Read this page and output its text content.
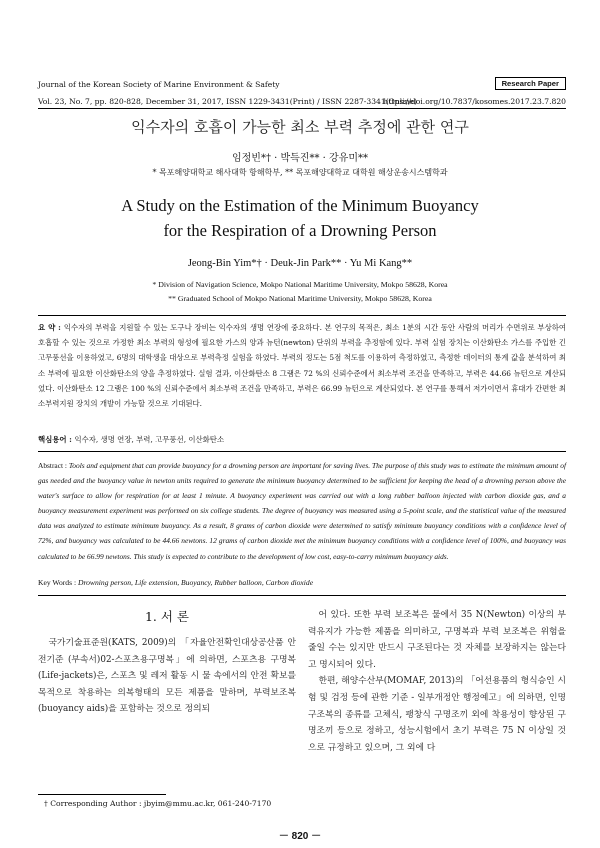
Journal of the Korean Society of Marine Environment & Safety	Research Paper
Vol. 23, No. 7, pp. 820-828, December 31, 2017, ISSN 1229-3431(Print) / ISSN 2287-3341(Online)
https://doi.org/10.7837/kosomes.2017.23.7.820
익수자의 호흡이 가능한 최소 부력 추정에 관한 연구
임정빈*† · 박득진** · 강유미**
* 목포해양대학교 해사대학 항해학부, ** 목포해양대학교 대학원 해상운송시스템학과
A Study on the Estimation of the Minimum Buoyancy
for the Respiration of a Drowning Person
Jeong-Bin Yim*† · Deuk-Jin Park** · Yu Mi Kang**
* Division of Navigation Science, Mokpo National Maritime University, Mokpo 58628, Korea
** Graduated School of Mokpo National Maritime University, Mokpo 58628, Korea
요 약 : 익수자의 부력을 지원할 수 있는 도구나 장비는 익수자의 생명 연장에 중요하다. 본 연구의 목적은, 최소 1분의 시간 동안 사람의 머리가 수면위로 부상하여 호흡할 수 있는 것으로 가정한 최소 부력의 형성에 필요한 가스의 양과 뉴턴(newton) 단위의 부력을 추정함에 있다. 부력 실험 장치는 이산화탄소 가스를 주입한 긴 고무풍선을 이용하였고, 6명의 대학생을 대상으로 부력측정 실험을 하였다. 부력의 정도는 5점 척도를 이용하여 측정하였고, 측정한 데이터의 통계 값을 분석하여 최소 부력에 필요한 이산화탄소의 양을 추정하였다. 실험 결과, 이산화탄소 8 그램은 72 %의 신뢰수준에서 최소부력 조건을 만족하고, 부력은 44.66 뉴턴으로 계산되었다. 이산화탄소 12 그램은 100 %의 신뢰수준에서 최소부력 조건을 만족하고, 부력은 66.99 뉴턴으로 계산되었다. 본 연구를 통해서 저가이면서 휴대가 간편한 최소부력지원 장치의 개발이 가능할 것으로 기대된다.
핵심용어 : 익수자, 생명 연장, 부력, 고무풍선, 이산화탄소
Abstract : Tools and equipment that can provide buoyancy for a drowning person are important for saving lives. The purpose of this study was to estimate the minimum amount of gas needed and the buoyancy value in newton units required to generate the minimum buoyancy determined to be sufficient for keeping the head of a drowning person above the water's surface to allow for respiration for at least 1 minute. A buoyancy experiment was carried out with a long rubber balloon injected with carbon dioxide gas, and a buoyancy measurement experiment was performed on six college students. The degree of buoyancy was measured using a 5-point scale, and the statistical value of the measured data was analyzed to estimate minimum buoyancy. As a result, 8 grams of carbon dioxide were determined to satisfy minimum buoyancy conditions with a confidence level of 72%, and buoyancy was calculated to be 44.66 newtons. 12 grams of carbon dioxide met the minimum buoyancy conditions with a confidence level of 100%, and buoyancy was calculated to be 66.99 newtons. This study is expected to contribute to the development of low cost, easy-to-carry minimum buoyancy aids.
Key Words : Drowning person, Life extension, Buoyancy, Rubber balloon, Carbon dioxide
1. 서 론

국가기술표준원(KATS, 2009)의 「자율안전확인대상공산품 안전기준 (부속서)02-스포츠용구명복」에 의하면, 스포츠용 구명복(Life-jackets)은, 스포츠 및 레저 활동 시 물 속에서의 안전 확보를 목적으로 착용하는 의복형태의 모든 제품을 말하며, 부력보조복(buoyancy aids)을 포함하는 것으로 정의되

어 있다. 또한 부력 보조복은 물에서 35 N(Newton) 이상의 부력유지가 가능한 제품을 의미하고, 구명복과 부력 보조복은 위험을 줄일 수는 있지만 반드시 구조된다는 것 자체를 보장하지는 않는다고 명시되어 있다.

한편, 해양수산부(MOMAF, 2013)의 「어선용품의 형식승인 시험 및 검정 등에 관한 기준 - 일부개정안 행정예고」에 의하면, 인명구조복의 종류를 고체식, 팽창식 구명조끼 외에 착용성이 향상된 구명조끼 등으로 정하고, 성능시험에서 초기 부력은 75 N 이상일 것으로 규정하고 있으며, 그 외에 다

† Corresponding Author : jbyim@mmu.ac.kr, 061-240-7170
－ 820 －
